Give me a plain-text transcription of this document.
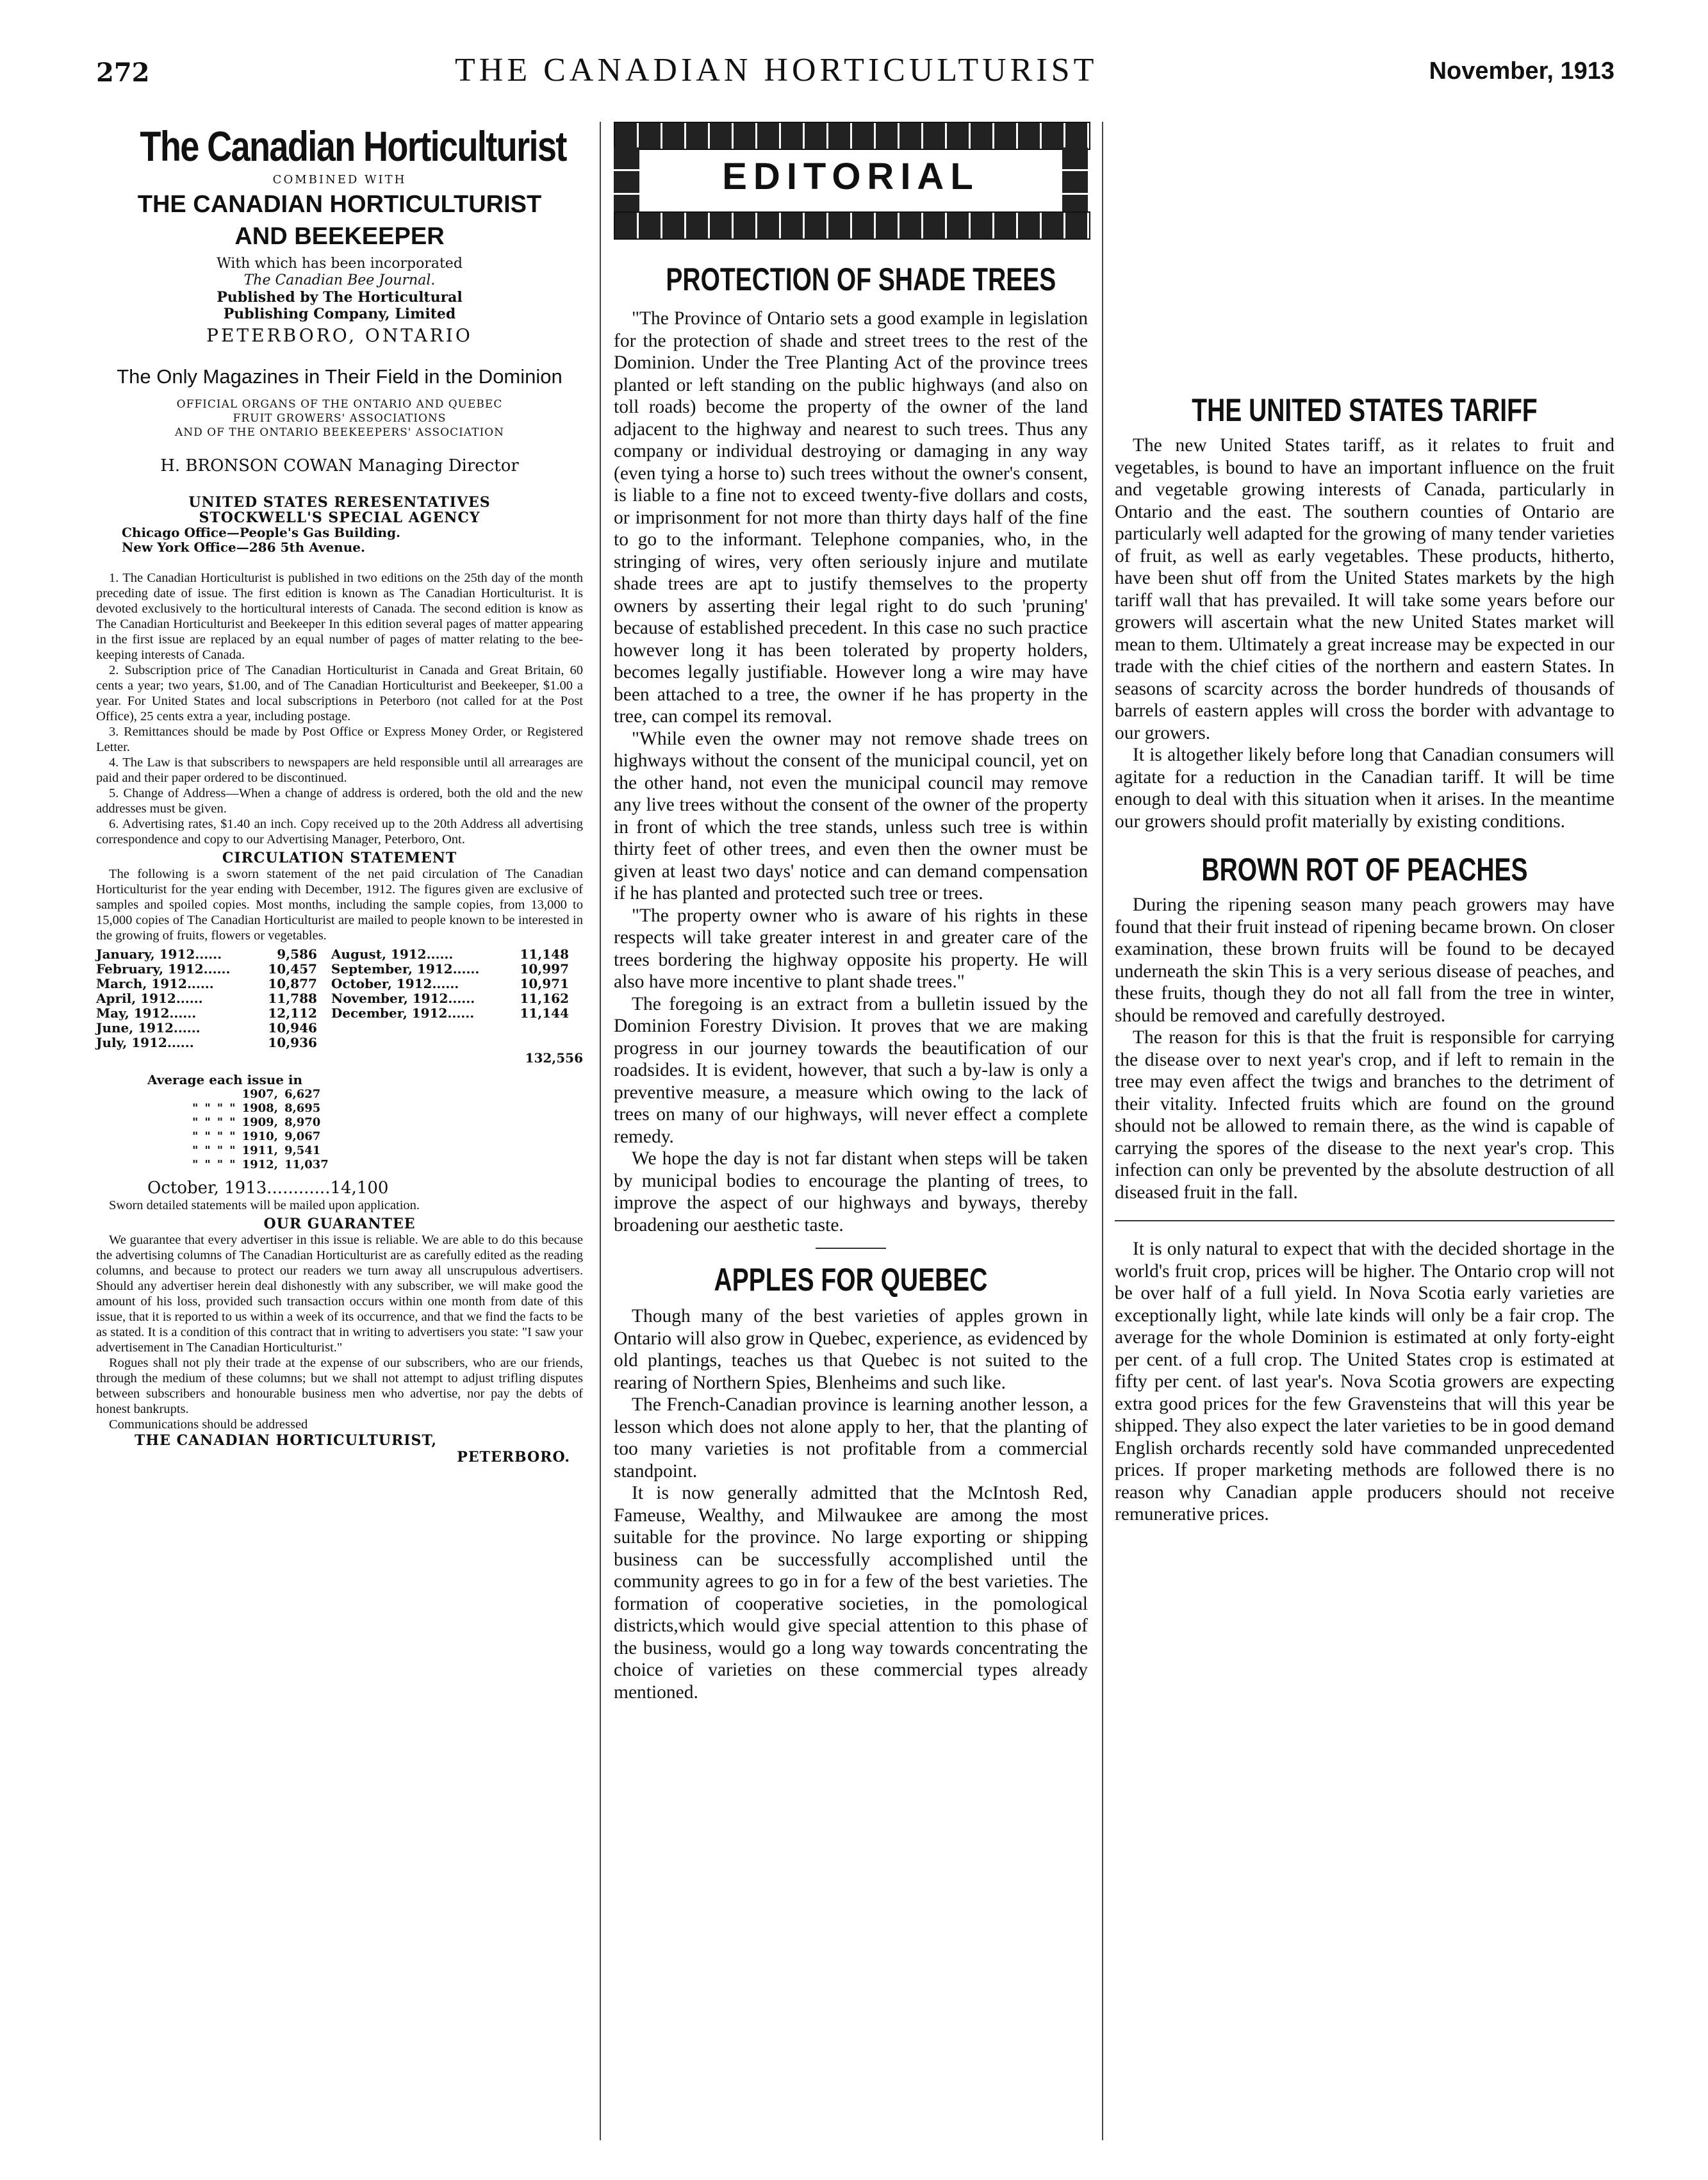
272	THE CANADIAN HORTICULTURIST	November, 1913
The Canadian Horticulturist
COMBINED WITH
THE CANADIAN HORTICULTURIST
AND BEEKEEPER
With which has been incorporated
The Canadian Bee Journal.
Published by The Horticultural
Publishing Company, Limited
PETERBORO, ONTARIO
The Only Magazines in Their Field in the Dominion
OFFICIAL ORGANS OF THE ONTARIO AND QUEBEC
FRUIT GROWERS' ASSOCIATIONS
AND OF THE ONTARIO BEEKEEPERS' ASSOCIATION
H. BRONSON COWAN Managing Director
UNITED STATES RERESENTATIVES
STOCKWELL'S SPECIAL AGENCY
Chicago Office—People's Gas Building.
New York Office—286 5th Avenue.
1. The Canadian Horticulturist is published in two editions on the 25th day of the month preceding date of issue. The first edition is known as The Canadian Horticulturist. It is devoted exclusively to the horticultural interests of Canada. The second edition is know as The Canadian Horticulturist and Beekeeper In this edition several pages of matter appearing in the first issue are replaced by an equal number of pages of matter relating to the bee-keeping interests of Canada.
2. Subscription price of The Canadian Horticulturist in Canada and Great Britain, 60 cents a year; two years, $1.00, and of The Canadian Horticulturist and Beekeeper, $1.00 a year. For United States and local subscriptions in Peterboro (not called for at the Post Office), 25 cents extra a year, including postage.
3. Remittances should be made by Post Office or Express Money Order, or Registered Letter.
4. The Law is that subscribers to newspapers are held responsible until all arrearages are paid and their paper ordered to be discontinued.
5. Change of Address—When a change of address is ordered, both the old and the new addresses must be given.
6. Advertising rates, $1.40 an inch. Copy received up to the 20th Address all advertising correspondence and copy to our Advertising Manager, Peterboro, Ont.
CIRCULATION STATEMENT
The following is a sworn statement of the net paid circulation of The Canadian Horticulturist for the year ending with December, 1912. The figures given are exclusive of samples and spoiled copies. Most months, including the sample copies, from 13,000 to 15,000 copies of The Canadian Horticulturist are mailed to people known to be interested in the growing of fruits, flowers or vegetables.
January, 1912......	9,586	August, 1912......	11,148
February, 1912......	10,457	September, 1912......	10,997
March, 1912......	10,877	October, 1912......	10,971
April, 1912......	11,788	November, 1912......	11,162
May, 1912......	12,112	December, 1912......	11,144
June, 1912......	10,946		
July, 1912......	10,936		
132,556
Average each issue in
				1907,	6,627
"	"	"	"	1908,	8,695
"	"	"	"	1909,	8,970
"	"	"	"	1910,	9,067
"	"	"	"	1911,	9,541
"	"	"	"	1912,	11,037
October, 1913............14,100
Sworn detailed statements will be mailed upon application.
OUR GUARANTEE
We guarantee that every advertiser in this issue is reliable. We are able to do this because the advertising columns of The Canadian Horticulturist are as carefully edited as the reading columns, and because to protect our readers we turn away all unscrupulous advertisers. Should any advertiser herein deal dishonestly with any subscriber, we will make good the amount of his loss, provided such transaction occurs within one month from date of this issue, that it is reported to us within a week of its occurrence, and that we find the facts to be as stated. It is a condition of this contract that in writing to advertisers you state: "I saw your advertisement in The Canadian Horticulturist."
Rogues shall not ply their trade at the expense of our subscribers, who are our friends, through the medium of these columns; but we shall not attempt to adjust trifling disputes between subscribers and honourable business men who advertise, nor pay the debts of honest bankrupts.
Communications should be addressed
THE CANADIAN HORTICULTURIST,
PETERBORO.
EDITORIAL
PROTECTION OF SHADE TREES

"The Province of Ontario sets a good example in legislation for the protection of shade and street trees to the rest of the Dominion. Under the Tree Planting Act of the province trees planted or left standing on the public highways (and also on toll roads) become the property of the owner of the land adjacent to the highway and nearest to such trees. Thus any company or individual destroying or damaging in any way (even tying a horse to) such trees without the owner's consent, is liable to a fine not to exceed twenty-five dollars and costs, or imprisonment for not more than thirty days half of the fine to go to the informant. Telephone companies, who, in the stringing of wires, very often seriously injure and mutilate shade trees are apt to justify themselves to the property owners by asserting their legal right to do such 'pruning' because of established precedent. In this case no such practice however long it has been tolerated by property holders, becomes legally justifiable. However long a wire may have been attached to a tree, the owner if he has property in the tree, can compel its removal.

"While even the owner may not remove shade trees on highways without the consent of the municipal council, yet on the other hand, not even the municipal council may remove any live trees without the consent of the owner of the property in front of which the tree stands, unless such tree is within thirty feet of other trees, and even then the owner must be given at least two days' notice and can demand compensation if he has planted and protected such tree or trees.

"The property owner who is aware of his rights in these respects will take greater interest in and greater care of the trees bordering the highway opposite his property. He will also have more incentive to plant shade trees."

The foregoing is an extract from a bulletin issued by the Dominion Forestry Division. It proves that we are making progress in our journey towards the beautification of our roadsides. It is evident, however, that such a by-law is only a preventive measure, a measure which owing to the lack of trees on many of our highways, will never effect a complete remedy.

We hope the day is not far distant when steps will be taken by municipal bodies to encourage the planting of trees, to improve the aspect of our highways and byways, thereby broadening our aesthetic taste.

APPLES FOR QUEBEC

Though many of the best varieties of apples grown in Ontario will also grow in Quebec, experience, as evidenced by old plantings, teaches us that Quebec is not suited to the rearing of Northern Spies, Blenheims and such like.

The French-Canadian province is learning another lesson, a lesson which does not alone apply to her, that the planting of too many varieties is not profitable from a commercial standpoint.

It is now generally admitted that the McIntosh Red, Fameuse, Wealthy, and Milwaukee are among the most suitable for the province. No large exporting or shipping business can be successfully accomplished until the community agrees to go in for a few of the best varieties. The formation of cooperative societies, in the pomological districts,which would give special attention to this phase of the business, would go a long way towards concentrating the choice of varieties on these commercial types already mentioned.

THE UNITED STATES TARIFF

The new United States tariff, as it relates to fruit and vegetables, is bound to have an important influence on the fruit and vegetable growing interests of Canada, particularly in Ontario and the east. The southern counties of Ontario are particularly well adapted for the growing of many tender varieties of fruit, as well as early vegetables. These products, hitherto, have been shut off from the United States markets by the high tariff wall that has prevailed. It will take some years before our growers will ascertain what the new United States market will mean to them. Ultimately a great increase may be expected in our trade with the chief cities of the northern and eastern States. In seasons of scarcity across the border hundreds of thousands of barrels of eastern apples will cross the border with advantage to our growers.

It is altogether likely before long that Canadian consumers will agitate for a reduction in the Canadian tariff. It will be time enough to deal with this situation when it arises. In the meantime our growers should profit materially by existing conditions.

BROWN ROT OF PEACHES

During the ripening season many peach growers may have found that their fruit instead of ripening became brown. On closer examination, these brown fruits will be found to be decayed underneath the skin This is a very serious disease of peaches, and these fruits, though they do not all fall from the tree in winter, should be removed and carefully destroyed.

The reason for this is that the fruit is responsible for carrying the disease over to next year's crop, and if left to remain in the tree may even affect the twigs and branches to the detriment of their vitality. Infected fruits which are found on the ground should not be allowed to remain there, as the wind is capable of carrying the spores of the disease to the next year's crop. This infection can only be prevented by the absolute destruction of all diseased fruit in the fall.

It is only natural to expect that with the decided shortage in the world's fruit crop, prices will be higher. The Ontario crop will not be over half of a full yield. In Nova Scotia early varieties are exceptionally light, while late kinds will only be a fair crop. The average for the whole Dominion is estimated at only forty-eight per cent. of a full crop. The United States crop is estimated at fifty per cent. of last year's. Nova Scotia growers are expecting extra good prices for the few Gravensteins that will this year be shipped. They also expect the later varieties to be in good demand English orchards recently sold have commanded unprecedented prices. If proper marketing methods are followed there is no reason why Canadian apple producers should not receive remunerative prices.
